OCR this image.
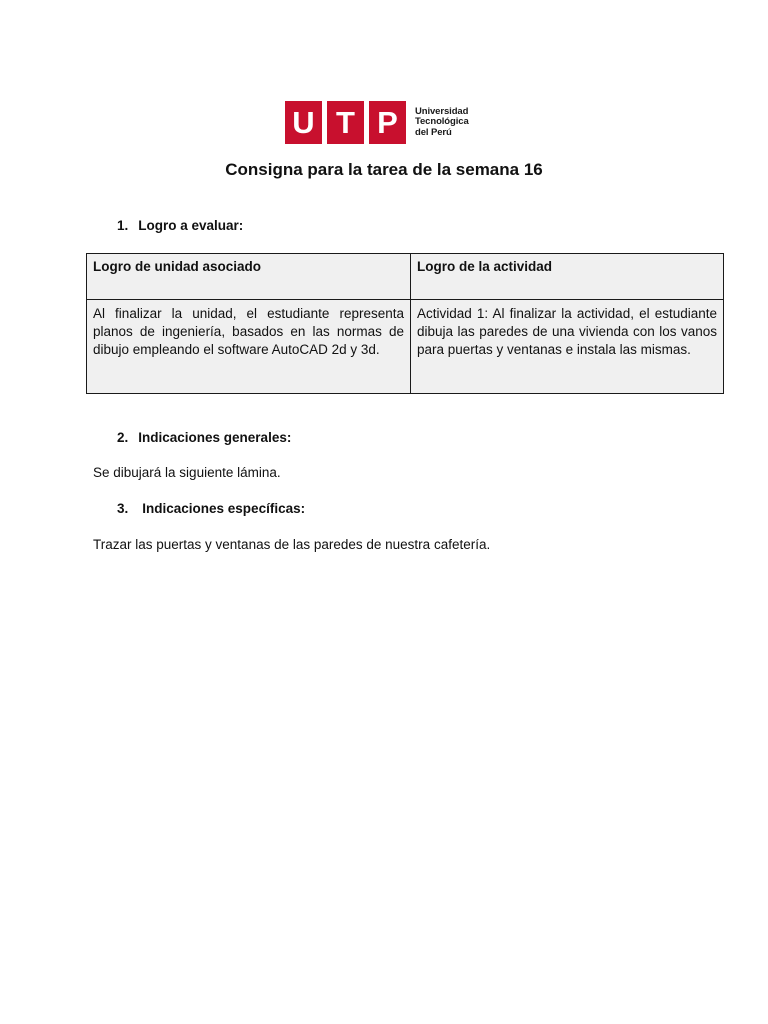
U T P	Universidad
Tecnológica
del Perú
Consigna para la tarea de la semana 16

1. Logro a evaluar:

Logro de unidad asociado	Logro de la actividad
Al finalizar la unidad, el estudiante representa planos de ingeniería, basados en las normas de dibujo empleando el software AutoCAD 2d y 3d.	Actividad 1: Al finalizar la actividad, el estudiante dibuja las paredes de una vivienda con los vanos para puertas y ventanas e instala las mismas.

2. Indicaciones generales:

Se dibujará la siguiente lámina.

3. Indicaciones específicas:

Trazar las puertas y ventanas de las paredes de nuestra cafetería.
